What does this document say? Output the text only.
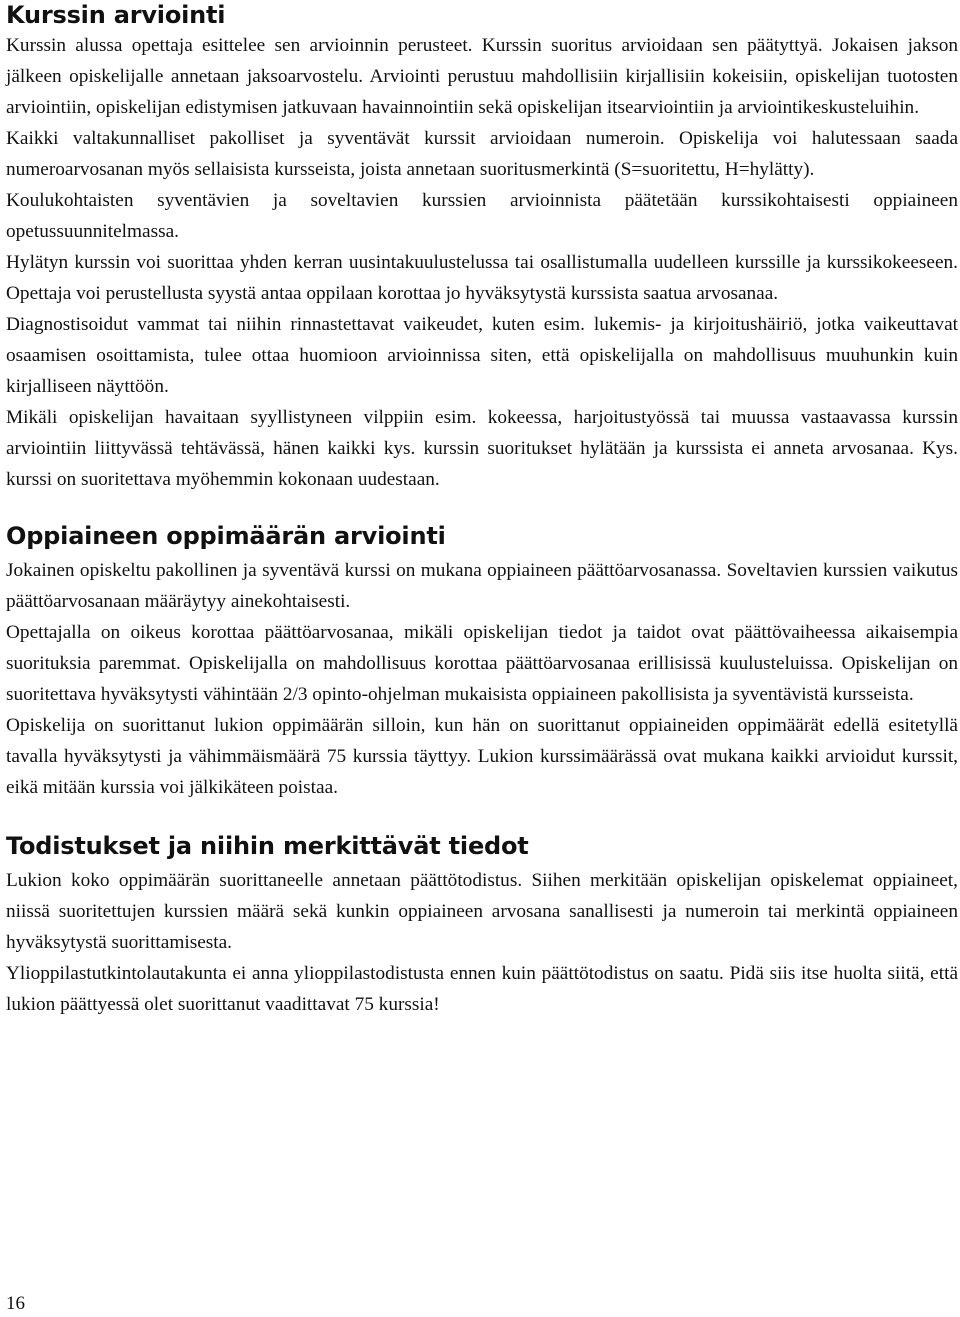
Kurssin arviointi

Kurssin alussa opettaja esittelee sen arvioinnin perusteet. Kurssin suoritus arvioidaan sen päätyttyä. Jokaisen jakson jälkeen opiskelijalle annetaan jaksoarvostelu. Arviointi perustuu mahdollisiin kirjallisiin kokeisiin, opiskelijan tuotosten arviointiin, opiskelijan edistymisen jatkuvaan havainnointiin sekä opiskelijan itsearviointiin ja arviointikeskusteluihin.

Kaikki valtakunnalliset pakolliset ja syventävät kurssit arvioidaan numeroin. Opiskelija voi halutessaan saada numeroarvosanan myös sellaisista kursseista, joista annetaan suoritusmerkintä (S=suoritettu, H=hylätty).

Koulukohtaisten syventävien ja soveltavien kurssien arvioinnista päätetään kurssikohtaisesti oppiaineen opetussuunnitelmassa.

Hylätyn kurssin voi suorittaa yhden kerran uusintakuulustelussa tai osallistumalla uudelleen kurssille ja kurssikokeeseen. Opettaja voi perustellusta syystä antaa oppilaan korottaa jo hyväksytystä kurssista saatua arvosanaa.

Diagnostisoidut vammat tai niihin rinnastettavat vaikeudet, kuten esim. lukemis- ja kirjoitushäiriö, jotka vaikeuttavat osaamisen osoittamista, tulee ottaa huomioon arvioinnissa siten, että opiskelijalla on mahdollisuus muuhunkin kuin kirjalliseen näyttöön.

Mikäli opiskelijan havaitaan syyllistyneen vilppiin esim. kokeessa, harjoitustyössä tai muussa vastaavassa kurssin arviointiin liittyvässä tehtävässä, hänen kaikki kys. kurssin suoritukset hylätään ja kurssista ei anneta arvosanaa. Kys. kurssi on suoritettava myöhemmin kokonaan uudestaan.

Oppiaineen oppimäärän arviointi

Jokainen opiskeltu pakollinen ja syventävä kurssi on mukana oppiaineen päättöarvosanassa. Soveltavien kurssien vaikutus päättöarvosanaan määräytyy ainekohtaisesti.

Opettajalla on oikeus korottaa päättöarvosanaa, mikäli opiskelijan tiedot ja taidot ovat päättövaiheessa aikaisempia suorituksia paremmat. Opiskelijalla on mahdollisuus korottaa päättöarvosanaa erillisissä kuulusteluissa. Opiskelijan on suoritettava hyväksytysti vähintään 2/3 opinto-ohjelman mukaisista oppiaineen pakollisista ja syventävistä kursseista.

Opiskelija on suorittanut lukion oppimäärän silloin, kun hän on suorittanut oppiaineiden oppimäärät edellä esitetyllä tavalla hyväksytysti ja vähimmäismäärä 75 kurssia täyttyy. Lukion kurssimäärässä ovat mukana kaikki arvioidut kurssit, eikä mitään kurssia voi jälkikäteen poistaa.

Todistukset ja niihin merkittävät tiedot

Lukion koko oppimäärän suorittaneelle annetaan päättötodistus. Siihen merkitään opiskelijan opiskelemat oppiaineet, niissä suoritettujen kurssien määrä sekä kunkin oppiaineen arvosana sanallisesti ja numeroin tai merkintä oppiaineen hyväksytystä suorittamisesta.

Ylioppilastutkintolautakunta ei anna ylioppilastodistusta ennen kuin päättötodistus on saatu. Pidä siis itse huolta siitä, että lukion päättyessä olet suorittanut vaadittavat 75 kurssia!

16
